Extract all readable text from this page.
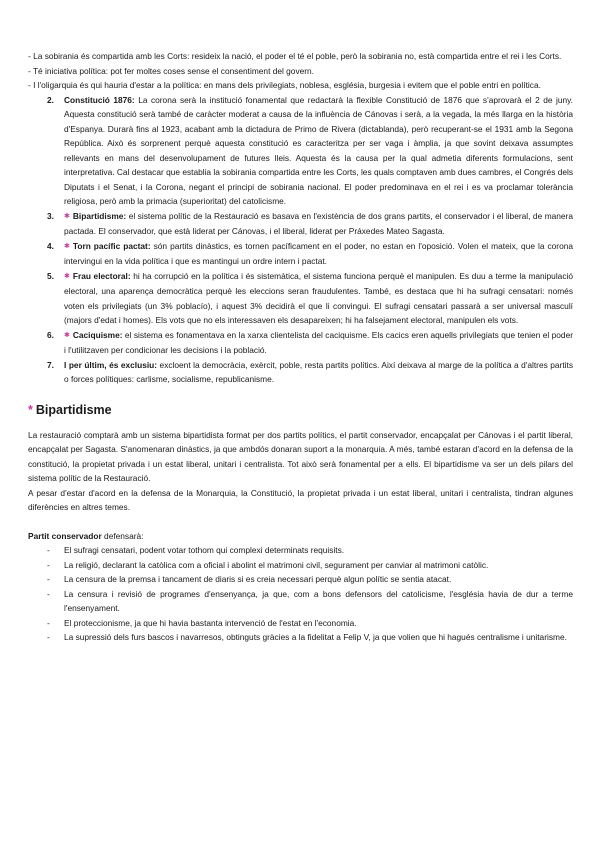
- La sobirania és compartida amb les Corts: resideix la nació, el poder el té el poble, però la sobirania no, està compartida entre el rei i les Corts.

- Té iniciativa política: pot fer moltes coses sense el consentiment del govern.

- I l'oligarquia és qui hauria d'estar a la política: en mans dels privilegiats, noblesa, església, burgesia i evitem que el poble entri en política.

2. Constitució 1876: La corona serà la institució fonamental que redactarà la flexible Constitució de 1876 que s'aprovarà el 2 de juny. Aquesta constitució serà també de caràcter moderat a causa de la influència de Cánovas i serà, a la vegada, la més llarga en la història d'Espanya. Durarà fins al 1923, acabant amb la dictadura de Primo de Rivera (dictablanda), però recuperant-se el 1931 amb la Segona República. Això és sorprenent perquè aquesta constitució es caracteritza per ser vaga i àmplia, ja que sovint deixava assumptes rellevants en mans del desenvolupament de futures lleis. Aquesta és la causa per la qual admetia diferents formulacions, sent interpretativa. Cal destacar que establia la sobirania compartida entre les Corts, les quals comptaven amb dues cambres, el Congrés dels Diputats i el Senat, i la Corona, negant el principi de sobirania nacional. El poder predominava en el rei i es va proclamar tolerància religiosa, però amb la primacia (superioritat) del catolicisme.
3. ✱ Bipartidisme: el sistema polític de la Restauració es basava en l'existència de dos grans partits, el conservador i el liberal, de manera pactada. El conservador, que està liderat per Cánovas, i el liberal, liderat per Práxedes Mateo Sagasta.
4. ✱ Torn pacífic pactat: són partits dinàstics, es tornen pacíficament en el poder, no estan en l'oposició. Volen el mateix, que la corona intervingui en la vida política i que es mantingui un ordre intern i pactat.
5. ✱ Frau electoral: hi ha corrupció en la política i és sistemàtica, el sistema funciona perquè el manipulen. Es duu a terme la manipulació electoral, una aparença democràtica perquè les eleccions seran fraudulentes. També, es destaca que hi ha sufragi censatari: només voten els privilegiats (un 3% poblacío), i aquest 3% decidirà el que li convingui. El sufragi censatari passarà a ser universal masculí (majors d'edat i homes). Els vots que no els interessaven els desapareixen; hi ha falsejament electoral, manipulen els vots.
6. ✱ Caciquisme: el sistema es fonamentava en la xarxa clientelista del caciquisme. Els cacics eren aquells privilegiats que tenien el poder i l'utilitzaven per condicionar les decisions i la població.
7. I per últim, és exclusiu: excloent la democràcia, exèrcit, poble, resta partits polítics. Així deixava al marge de la política a d'altres partits o forces polítiques: carlisme, socialisme, republicanisme.
* Bipartidisme

La restauració comptarà amb un sistema bipartidista format per dos partits polítics, el partit conservador, encapçalat per Cánovas i el partit liberal, encapçalat per Sagasta. S'anomenaran dinàstics, ja que ambdós donaran suport a la monarquia. A més, també estaran d'acord en la defensa de la constitució, la propietat privada i un estat liberal, unitari i centralista. Tot això serà fonamental per a ells. El bipartidisme va ser un dels pilars del sistema polític de la Restauració.

A pesar d'estar d'acord en la defensa de la Monarquia, la Constitució, la propietat privada i un estat liberal, unitari i centralista, tindran algunes diferències en altres temes.

Partit conservador defensarà:

- El sufragi censatari, podent votar tothom qui complexi determinats requisits.
- La religió, declarant la catòlica com a oficial i abolint el matrimoni civil, segurament per canviar al matrimoni catòlic.
- La censura de la premsa i tancament de diaris si es creia necessari perquè algun polític se sentia atacat.
- La censura i revisió de programes d'ensenyança, ja que, com a bons defensors del catolicisme, l'església havia de dur a terme l'ensenyament.
- El proteccionisme, ja que hi havia bastanta intervenció de l'estat en l'economia.
- La supressió dels furs bascos i navarresos, obtinguts gràcies a la fidelitat a Felip V, ja que volien que hi hagués centralisme i unitarisme.
